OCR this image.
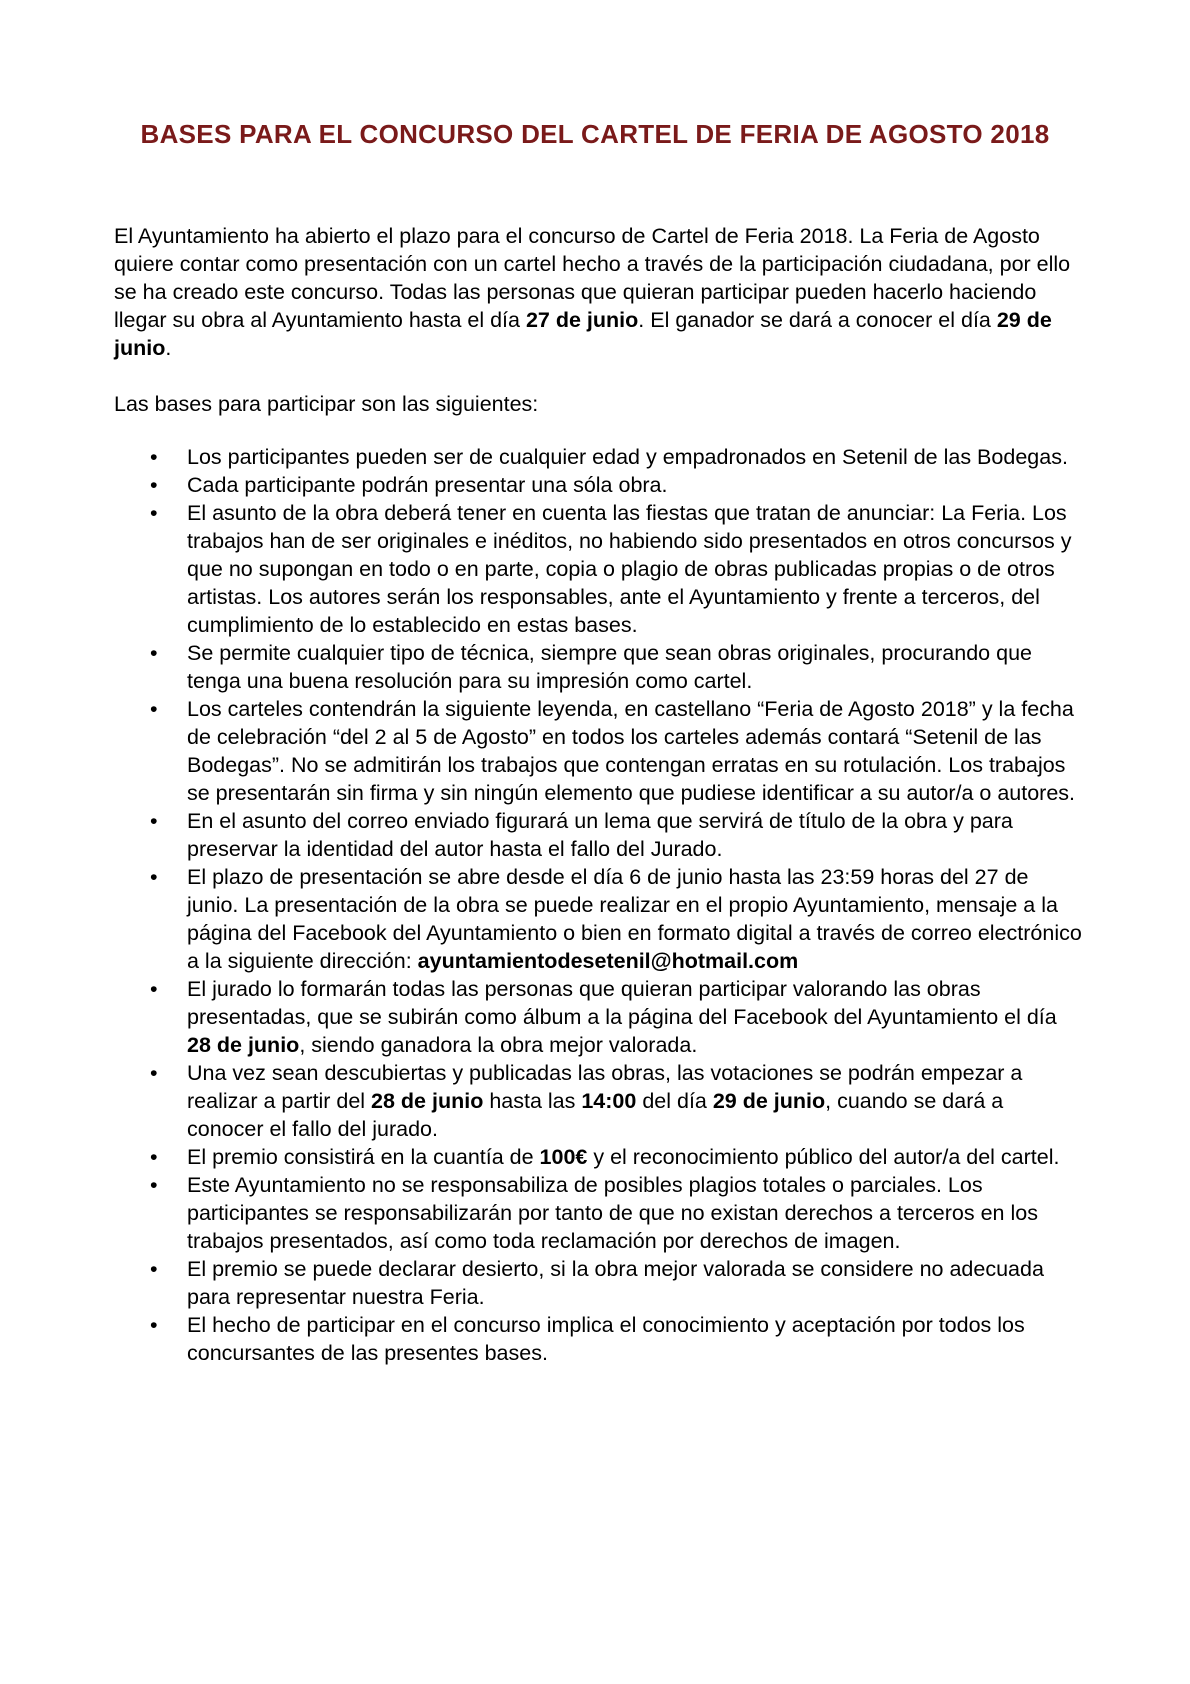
BASES PARA EL CONCURSO DEL CARTEL DE FERIA DE AGOSTO 2018

El Ayuntamiento ha abierto el plazo para el concurso de Cartel de Feria 2018. La Feria de Agosto quiere contar como presentación con un cartel hecho a través de la participación ciudadana, por ello se ha creado este concurso. Todas las personas que quieran participar pueden hacerlo haciendo llegar su obra al Ayuntamiento hasta el día 27 de junio. El ganador se dará a conocer el día 29 de junio.

Las bases para participar son las siguientes:

•	Los participantes pueden ser de cualquier edad y empadronados en Setenil de las Bodegas.
•	Cada participante podrán presentar una sóla obra.
•	El asunto de la obra deberá tener en cuenta las fiestas que tratan de anunciar: La Feria. Los trabajos han de ser originales e inéditos, no habiendo sido presentados en otros concursos y que no supongan en todo o en parte, copia o plagio de obras publicadas propias o de otros artistas. Los autores serán los responsables, ante el Ayuntamiento y frente a terceros, del cumplimiento de lo establecido en estas bases.
•	Se permite cualquier tipo de técnica, siempre que sean obras originales, procurando que tenga una buena resolución para su impresión como cartel.
•	Los carteles contendrán la siguiente leyenda, en castellano “Feria de Agosto 2018” y la fecha de celebración “del 2 al 5 de Agosto” en todos los carteles además contará “Setenil de las Bodegas”. No se admitirán los trabajos que contengan erratas en su rotulación. Los trabajos se presentarán sin firma y sin ningún elemento que pudiese identificar a su autor/a o autores.
•	En el asunto del correo enviado figurará un lema que servirá de título de la obra y para preservar la identidad del autor hasta el fallo del Jurado.
•	El plazo de presentación se abre desde el día 6 de junio hasta las 23:59 horas del 27 de junio. La presentación de la obra se puede realizar en el propio Ayuntamiento, mensaje a la página del Facebook del Ayuntamiento o bien en formato digital a través de correo electrónico a la siguiente dirección: ayuntamientodesetenil@hotmail.com
•	El jurado lo formarán todas las personas que quieran participar valorando las obras presentadas, que se subirán como álbum a la página del Facebook del Ayuntamiento el día 28 de junio, siendo ganadora la obra mejor valorada.
•	Una vez sean descubiertas y publicadas las obras, las votaciones se podrán empezar a realizar a partir del 28 de junio hasta las 14:00 del día 29 de junio, cuando se dará a conocer el fallo del jurado.
•	El premio consistirá en la cuantía de 100€ y el reconocimiento público del autor/a del cartel.
•	Este Ayuntamiento no se responsabiliza de posibles plagios totales o parciales. Los participantes se responsabilizarán por tanto de que no existan derechos a terceros en los trabajos presentados, así como toda reclamación por derechos de imagen.
•	El premio se puede declarar desierto, si la obra mejor valorada se considere no adecuada para representar nuestra Feria.
•	El hecho de participar en el concurso implica el conocimiento y aceptación por todos los concursantes de las presentes bases.
